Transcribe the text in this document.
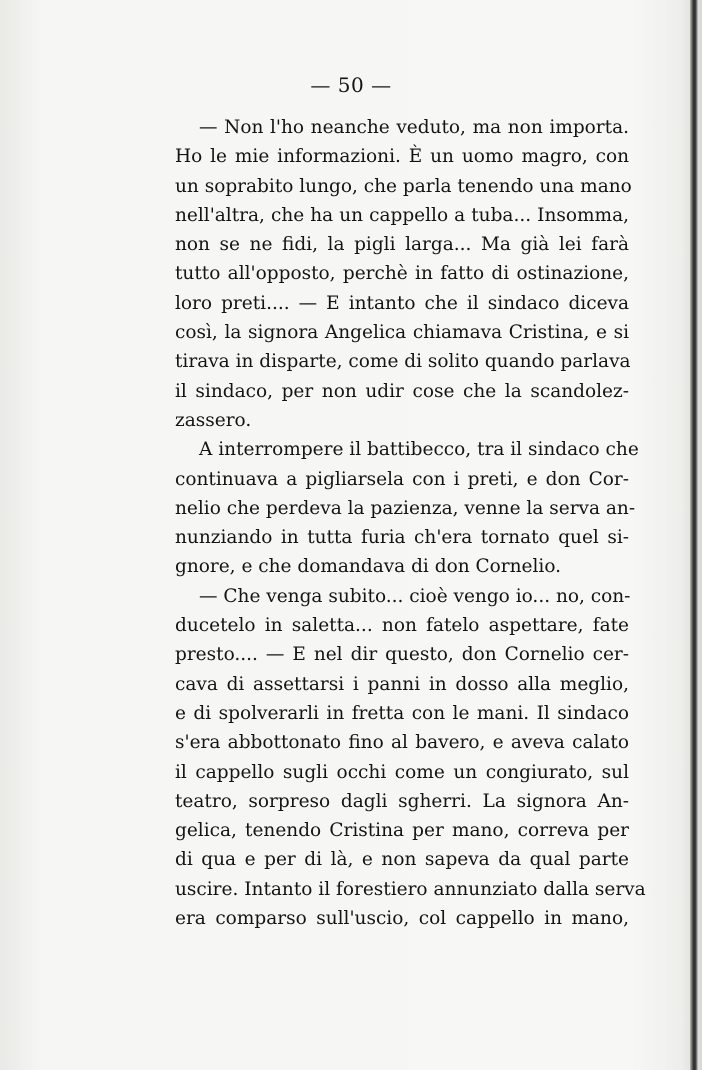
— 50 —
— Non l'ho neanche veduto, ma non importa.
Ho le mie informazioni. È un uomo magro, con
un soprabito lungo, che parla tenendo una mano
nell'altra, che ha un cappello a tuba... Insomma,
non se ne fidi, la pigli larga... Ma già lei farà
tutto all'opposto, perchè in fatto di ostinazione,
loro preti.... — E intanto che il sindaco diceva
così, la signora Angelica chiamava Cristina, e si
tirava in disparte, come di solito quando parlava
il sindaco, per non udir cose che la scandolez-
zassero.
A interrompere il battibecco, tra il sindaco che
continuava a pigliarsela con i preti, e don Cor-
nelio che perdeva la pazienza, venne la serva an-
nunziando in tutta furia ch'era tornato quel si-
gnore, e che domandava di don Cornelio.
— Che venga subito... cioè vengo io... no, con-
ducetelo in saletta... non fatelo aspettare, fate
presto.... — E nel dir questo, don Cornelio cer-
cava di assettarsi i panni in dosso alla meglio,
e di spolverarli in fretta con le mani. Il sindaco
s'era abbottonato fino al bavero, e aveva calato
il cappello sugli occhi come un congiurato, sul
teatro, sorpreso dagli sgherri. La signora An-
gelica, tenendo Cristina per mano, correva per
di qua e per di là, e non sapeva da qual parte
uscire. Intanto il forestiero annunziato dalla serva
era comparso sull'uscio, col cappello in mano,
